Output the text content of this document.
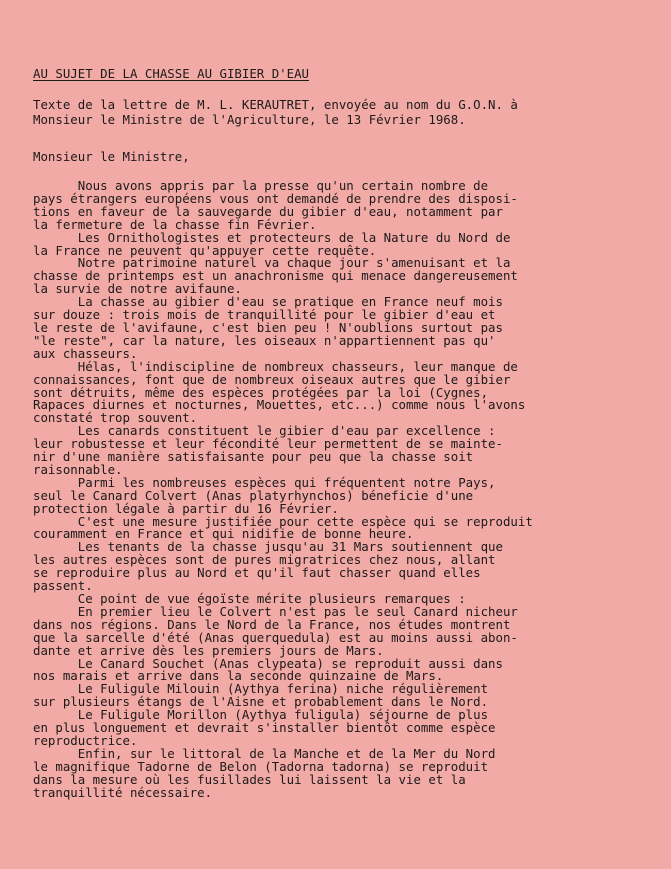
AU SUJET DE LA CHASSE AU GIBIER D'EAU
Texte de la lettre de M. L. KERAUTRET, envoyée au nom du G.O.N. à
Monsieur le Ministre de l'Agriculture, le 13 Février 1968.
Monsieur le Ministre,
Nous avons appris par la presse qu'un certain nombre de
pays étrangers européens vous ont demandé de prendre des disposi-
tions en faveur de la sauvegarde du gibier d'eau, notamment par
la fermeture de la chasse fin Février.
Les Ornithologistes et protecteurs de la Nature du Nord de
la France ne peuvent qu'appuyer cette requête.
Notre patrimoine naturel va chaque jour s'amenuisant et la
chasse de printemps est un anachronisme qui menace dangereusement
la survie de notre avifaune.
La chasse au gibier d'eau se pratique en France neuf mois
sur douze : trois mois de tranquillité pour le gibier d'eau et
le reste de l'avifaune, c'est bien peu ! N'oublions surtout pas
"le reste", car la nature, les oiseaux n'appartiennent pas qu'
aux chasseurs.
Hélas, l'indiscipline de nombreux chasseurs, leur manque de
connaissances, font que de nombreux oiseaux autres que le gibier
sont détruits, même des espèces protégées par la loi (Cygnes,
Rapaces diurnes et nocturnes, Mouettes, etc...) comme nous l'avons
constaté trop souvent.
Les canards constituent le gibier d'eau par excellence :
leur robustesse et leur fécondité leur permettent de se mainte-
nir d'une manière satisfaisante pour peu que la chasse soit
raisonnable.
Parmi les nombreuses espèces qui fréquentent notre Pays,
seul le Canard Colvert (Anas platyrhynchos) béneficie d'une
protection légale à partir du 16 Février.
C'est une mesure justifiée pour cette espèce qui se reproduit
couramment en France et qui nidifie de bonne heure.
Les tenants de la chasse jusqu'au 31 Mars soutiennent que
les autres espèces sont de pures migratrices chez nous, allant
se reproduire plus au Nord et qu'il faut chasser quand elles
passent.
Ce point de vue égoïste mérite plusieurs remarques :
En premier lieu le Colvert n'est pas le seul Canard nicheur
dans nos régions. Dans le Nord de la France, nos études montrent
que la sarcelle d'été (Anas querquedula) est au moins aussi abon-
dante et arrive dès les premiers jours de Mars.
Le Canard Souchet (Anas clypeata) se reproduit aussi dans
nos marais et arrive dans la seconde quinzaine de Mars.
Le Fuligule Milouin (Aythya ferina) niche régulièrement
sur plusieurs étangs de l'Aisne et probablement dans le Nord.
Le Fuligule Morillon (Aythya fuligula) séjourne de plus
en plus longuement et devrait s'installer bientôt comme espèce
reproductrice.
Enfin, sur le littoral de la Manche et de la Mer du Nord
le magnifique Tadorne de Belon (Tadorna tadorna) se reproduit
dans la mesure où les fusillades lui laissent la vie et la
tranquillité nécessaire.
